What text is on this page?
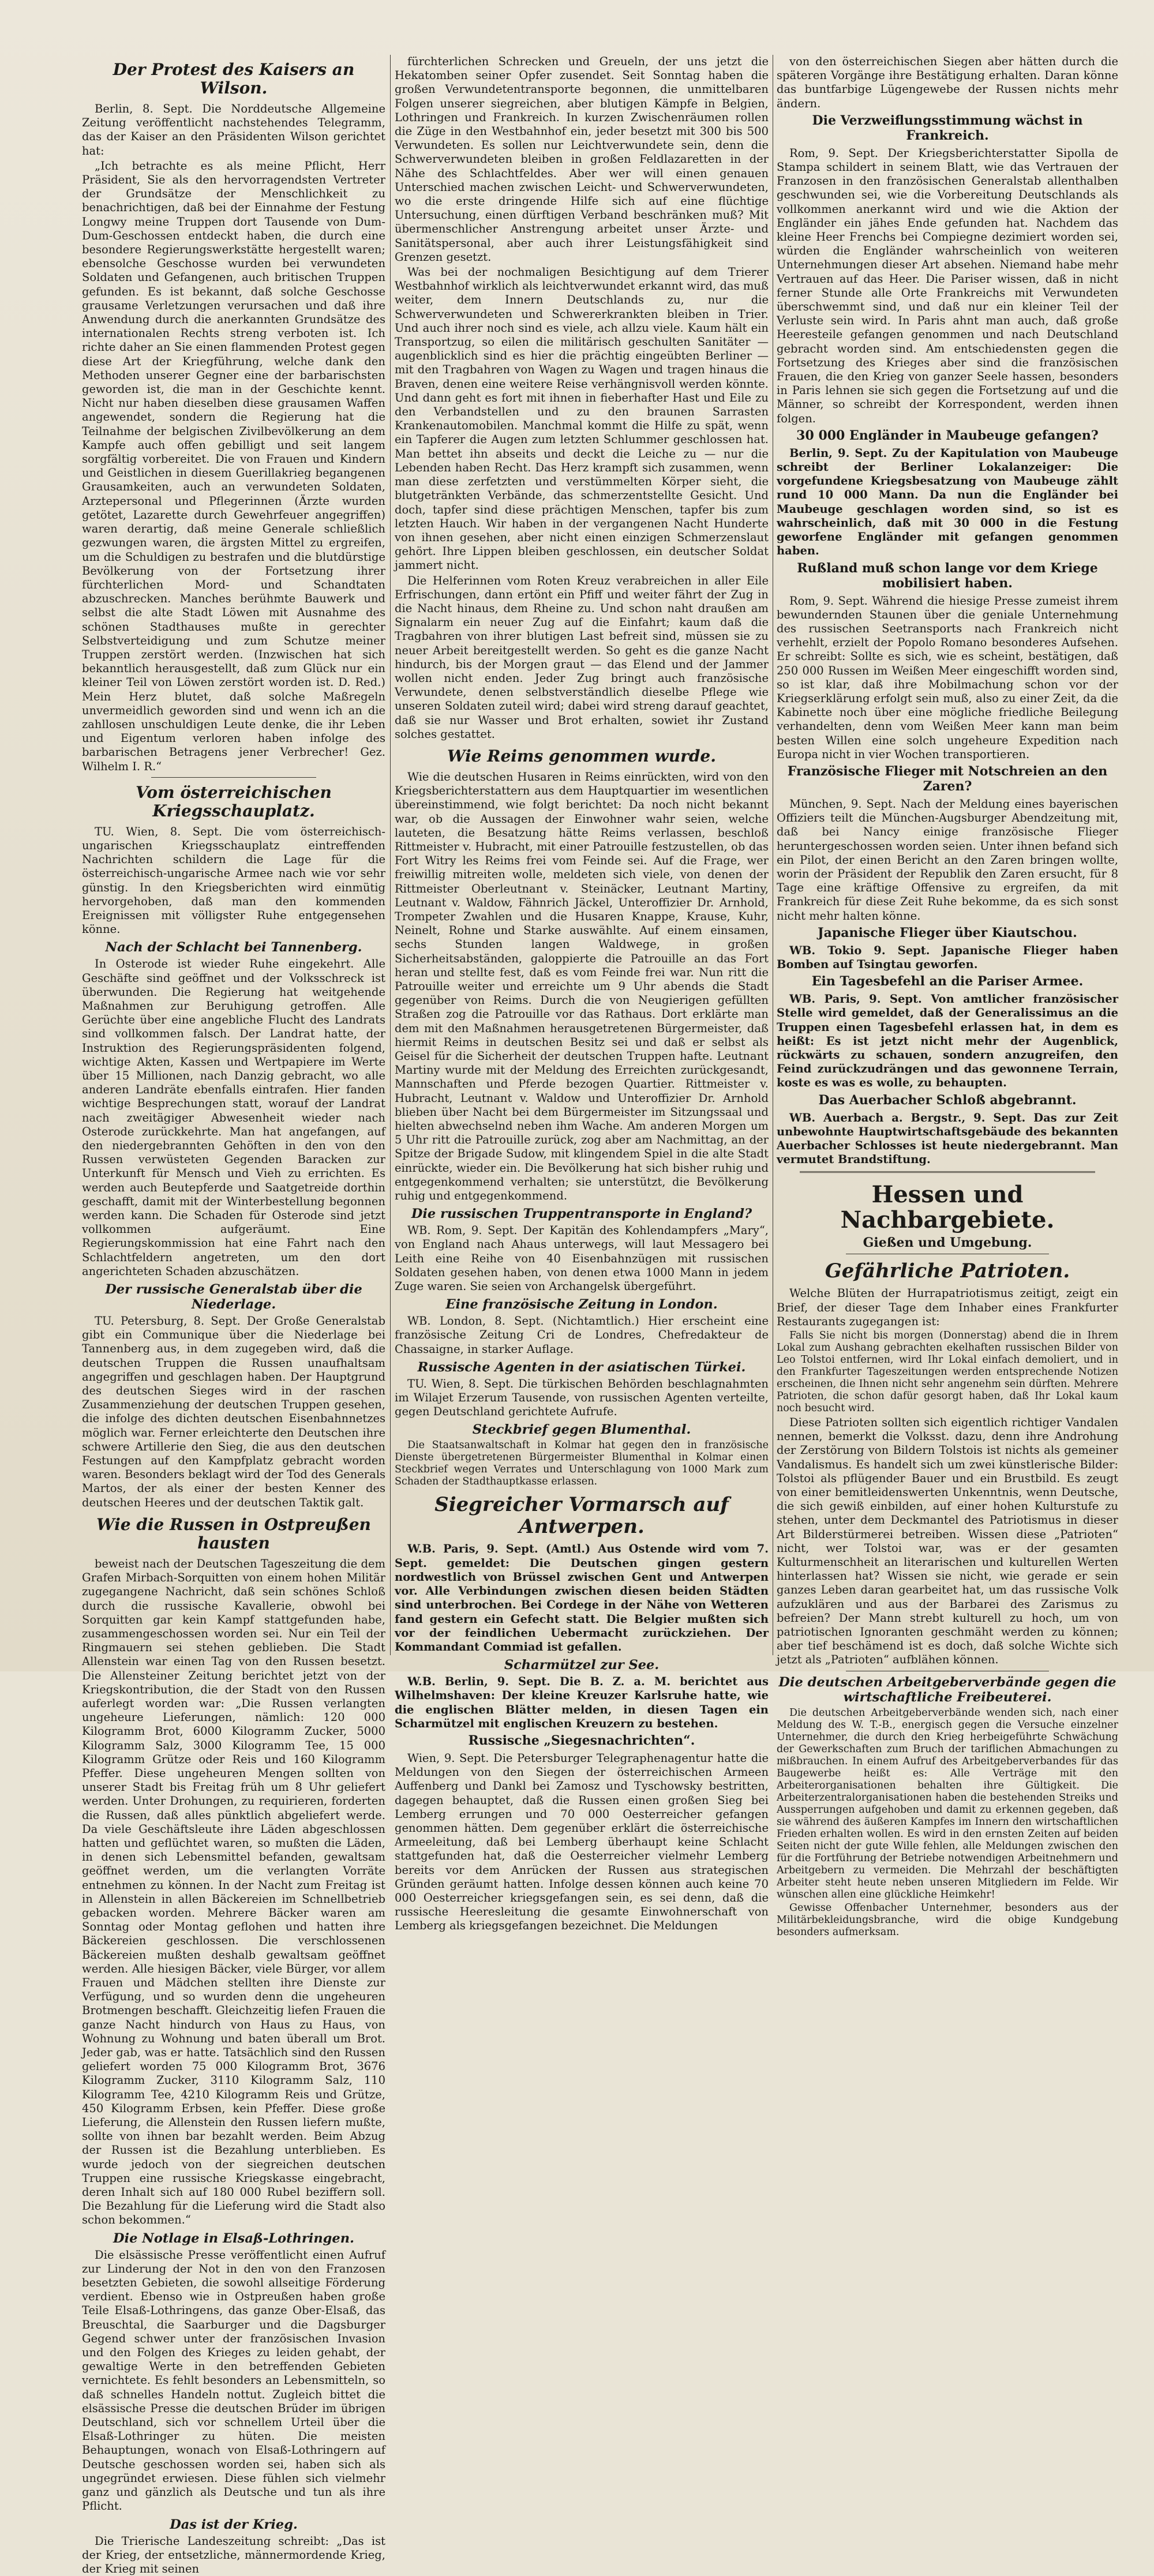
Der Protest des Kaisers an Wilson.

Berlin, 8. Sept. Die Norddeutsche Allgemeine Zeitung veröffentlicht nachstehendes Telegramm, das der Kaiser an den Präsidenten Wilson gerichtet hat:

„Ich betrachte es als meine Pflicht, Herr Präsident, Sie als den hervorragendsten Vertreter der Grundsätze der Menschlichkeit zu benachrichtigen, daß bei der Einnahme der Festung Longwy meine Truppen dort Tausende von Dum-Dum-Geschossen entdeckt haben, die durch eine besondere Regierungswerkstätte hergestellt waren; ebensolche Geschosse wurden bei verwundeten Soldaten und Gefangenen, auch britischen Truppen gefunden. Es ist bekannt, daß solche Geschosse grausame Verletzungen verursachen und daß ihre Anwendung durch die anerkannten Grundsätze des internationalen Rechts streng verboten ist. Ich richte daher an Sie einen flammenden Protest gegen diese Art der Kriegführung, welche dank den Methoden unserer Gegner eine der barbarischsten geworden ist, die man in der Geschichte kennt. Nicht nur haben dieselben diese grausamen Waffen angewendet, sondern die Regierung hat die Teilnahme der belgischen Zivilbevölkerung an dem Kampfe auch offen gebilligt und seit langem sorgfältig vorbereitet. Die von Frauen und Kindern und Geistlichen in diesem Guerillakrieg begangenen Grausamkeiten, auch an verwundeten Soldaten, Arztepersonal und Pflegerinnen (Ärzte wurden getötet, Lazarette durch Gewehrfeuer angegriffen) waren derartig, daß meine Generale schließlich gezwungen waren, die ärgsten Mittel zu ergreifen, um die Schuldigen zu bestrafen und die blutdürstige Bevölkerung von der Fortsetzung ihrer fürchterlichen Mord- und Schandtaten abzuschrecken. Manches berühmte Bauwerk und selbst die alte Stadt Löwen mit Ausnahme des schönen Stadthauses mußte in gerechter Selbstverteidigung und zum Schutze meiner Truppen zerstört werden. (Inzwischen hat sich bekanntlich herausgestellt, daß zum Glück nur ein kleiner Teil von Löwen zerstört worden ist. D. Red.) Mein Herz blutet, daß solche Maßregeln unvermeidlich geworden sind und wenn ich an die zahllosen unschuldigen Leute denke, die ihr Leben und Eigentum verloren haben infolge des barbarischen Betragens jener Verbrecher! Gez. Wilhelm I. R.“

Vom österreichischen Kriegsschauplatz.

TU. Wien, 8. Sept. Die vom österreichisch-ungarischen Kriegsschauplatz eintreffenden Nachrichten schildern die Lage für die österreichisch-ungarische Armee nach wie vor sehr günstig. In den Kriegsberichten wird einmütig hervorgehoben, daß man den kommenden Ereignissen mit völligster Ruhe entgegensehen könne.

Nach der Schlacht bei Tannenberg.

In Osterode ist wieder Ruhe eingekehrt. Alle Geschäfte sind geöffnet und der Volksschreck ist überwunden. Die Regierung hat weitgehende Maßnahmen zur Beruhigung getroffen. Alle Gerüchte über eine angebliche Flucht des Landrats sind vollkommen falsch. Der Landrat hatte, der Instruktion des Regierungspräsidenten folgend, wichtige Akten, Kassen und Wertpapiere im Werte über 15 Millionen, nach Danzig gebracht, wo alle anderen Landräte ebenfalls eintrafen. Hier fanden wichtige Besprechungen statt, worauf der Landrat nach zweitägiger Abwesenheit wieder nach Osterode zurückkehrte. Man hat angefangen, auf den niedergebrannten Gehöften in den von den Russen verwüsteten Gegenden Baracken zur Unterkunft für Mensch und Vieh zu errichten. Es werden auch Beutepferde und Saatgetreide dorthin geschafft, damit mit der Winterbestellung begonnen werden kann. Die Schaden für Osterode sind jetzt vollkommen aufgeräumt. Eine Regierungskommission hat eine Fahrt nach den Schlachtfeldern angetreten, um den dort angerichteten Schaden abzuschätzen.

Der russische Generalstab über die Niederlage.

TU. Petersburg, 8. Sept. Der Große Generalstab gibt ein Communique über die Niederlage bei Tannenberg aus, in dem zugegeben wird, daß die deutschen Truppen die Russen unaufhaltsam angegriffen und geschlagen haben. Der Hauptgrund des deutschen Sieges wird in der raschen Zusammenziehung der deutschen Truppen gesehen, die infolge des dichten deutschen Eisenbahnnetzes möglich war. Ferner erleichterte den Deutschen ihre schwere Artillerie den Sieg, die aus den deutschen Festungen auf den Kampfplatz gebracht worden waren. Besonders beklagt wird der Tod des Generals Martos, der als einer der besten Kenner des deutschen Heeres und der deutschen Taktik galt.

Wie die Russen in Ostpreußen hausten

beweist nach der Deutschen Tageszeitung die dem Grafen Mirbach-Sorquitten von einem hohen Militär zugegangene Nachricht, daß sein schönes Schloß durch die russische Kavallerie, obwohl bei Sorquitten gar kein Kampf stattgefunden habe, zusammengeschossen worden sei. Nur ein Teil der Ringmauern sei stehen geblieben. Die Stadt Allenstein war einen Tag von den Russen besetzt. Die Allensteiner Zeitung berichtet jetzt von der Kriegskontribution, die der Stadt von den Russen auferlegt worden war: „Die Russen verlangten ungeheure Lieferungen, nämlich: 120 000 Kilogramm Brot, 6000 Kilogramm Zucker, 5000 Kilogramm Salz, 3000 Kilogramm Tee, 15 000 Kilogramm Grütze oder Reis und 160 Kilogramm Pfeffer. Diese ungeheuren Mengen sollten von unserer Stadt bis Freitag früh um 8 Uhr geliefert werden. Unter Drohungen, zu requirieren, forderten die Russen, daß alles pünktlich abgeliefert werde. Da viele Geschäftsleute ihre Läden abgeschlossen hatten und geflüchtet waren, so mußten die Läden, in denen sich Lebensmittel befanden, gewaltsam geöffnet werden, um die verlangten Vorräte entnehmen zu können. In der Nacht zum Freitag ist in Allenstein in allen Bäckereien im Schnellbetrieb gebacken worden. Mehrere Bäcker waren am Sonntag oder Montag geflohen und hatten ihre Bäckereien geschlossen. Die verschlossenen Bäckereien mußten deshalb gewaltsam geöffnet werden. Alle hiesigen Bäcker, viele Bürger, vor allem Frauen und Mädchen stellten ihre Dienste zur Verfügung, und so wurden denn die ungeheuren Brotmengen beschafft. Gleichzeitig liefen Frauen die ganze Nacht hindurch von Haus zu Haus, von Wohnung zu Wohnung und baten überall um Brot. Jeder gab, was er hatte. Tatsächlich sind den Russen geliefert worden 75 000 Kilogramm Brot, 3676 Kilogramm Zucker, 3110 Kilogramm Salz, 110 Kilogramm Tee, 4210 Kilogramm Reis und Grütze, 450 Kilogramm Erbsen, kein Pfeffer. Diese große Lieferung, die Allenstein den Russen liefern mußte, sollte von ihnen bar bezahlt werden. Beim Abzug der Russen ist die Bezahlung unterblieben. Es wurde jedoch von der siegreichen deutschen Truppen eine russische Kriegskasse eingebracht, deren Inhalt sich auf 180 000 Rubel beziffern soll. Die Bezahlung für die Lieferung wird die Stadt also schon bekommen.“

Die Notlage in Elsaß-Lothringen.

Die elsässische Presse veröffentlicht einen Aufruf zur Linderung der Not in den von den Franzosen besetzten Gebieten, die sowohl allseitige Förderung verdient. Ebenso wie in Ostpreußen haben große Teile Elsaß-Lothringens, das ganze Ober-Elsaß, das Breuschtal, die Saarburger und die Dagsburger Gegend schwer unter der französischen Invasion und den Folgen des Krieges zu leiden gehabt, der gewaltige Werte in den betreffenden Gebieten vernichtete. Es fehlt besonders an Lebensmitteln, so daß schnelles Handeln nottut. Zugleich bittet die elsässische Presse die deutschen Brüder im übrigen Deutschland, sich vor schnellem Urteil über die Elsaß-Lothringer zu hüten. Die meisten Behauptungen, wonach von Elsaß-Lothringern auf Deutsche geschossen worden sei, haben sich als ungegründet erwiesen. Diese fühlen sich vielmehr ganz und gänzlich als Deutsche und tun als ihre Pflicht.

Das ist der Krieg.

Die Trierische Landeszeitung schreibt: „Das ist der Krieg, der entsetzliche, männermordende Krieg, der Krieg mit seinen

fürchterlichen Schrecken und Greueln, der uns jetzt die Hekatomben seiner Opfer zusendet. Seit Sonntag haben die großen Verwundetentransporte begonnen, die unmittelbaren Folgen unserer siegreichen, aber blutigen Kämpfe in Belgien, Lothringen und Frankreich. In kurzen Zwischenräumen rollen die Züge in den Westbahnhof ein, jeder besetzt mit 300 bis 500 Verwundeten. Es sollen nur Leichtverwundete sein, denn die Schwerverwundeten bleiben in großen Feldlazaretten in der Nähe des Schlachtfeldes. Aber wer will einen genauen Unterschied machen zwischen Leicht- und Schwerverwundeten, wo die erste dringende Hilfe sich auf eine flüchtige Untersuchung, einen dürftigen Verband beschränken muß? Mit übermenschlicher Anstrengung arbeitet unser Ärzte- und Sanitätspersonal, aber auch ihrer Leistungsfähigkeit sind Grenzen gesetzt.

Was bei der nochmaligen Besichtigung auf dem Trierer Westbahnhof wirklich als leichtverwundet erkannt wird, das muß weiter, dem Innern Deutschlands zu, nur die Schwerverwundeten und Schwererkrankten bleiben in Trier. Und auch ihrer noch sind es viele, ach allzu viele. Kaum hält ein Transportzug, so eilen die militärisch geschulten Sanitäter — augenblicklich sind es hier die prächtig eingeübten Berliner — mit den Tragbahren von Wagen zu Wagen und tragen hinaus die Braven, denen eine weitere Reise verhängnisvoll werden könnte. Und dann geht es fort mit ihnen in fieberhafter Hast und Eile zu den Verbandstellen und zu den braunen Sarrasten Krankenautomobilen. Manchmal kommt die Hilfe zu spät, wenn ein Tapferer die Augen zum letzten Schlummer geschlossen hat. Man bettet ihn abseits und deckt die Leiche zu — nur die Lebenden haben Recht. Das Herz krampft sich zusammen, wenn man diese zerfetzten und verstümmelten Körper sieht, die blutgetränkten Verbände, das schmerzentstellte Gesicht. Und doch, tapfer sind diese prächtigen Menschen, tapfer bis zum letzten Hauch. Wir haben in der vergangenen Nacht Hunderte von ihnen gesehen, aber nicht einen einzigen Schmerzenslaut gehört. Ihre Lippen bleiben geschlossen, ein deutscher Soldat jammert nicht.

Die Helferinnen vom Roten Kreuz verabreichen in aller Eile Erfrischungen, dann ertönt ein Pfiff und weiter fährt der Zug in die Nacht hinaus, dem Rheine zu. Und schon naht draußen am Signalarm ein neuer Zug auf die Einfahrt; kaum daß die Tragbahren von ihrer blutigen Last befreit sind, müssen sie zu neuer Arbeit bereitgestellt werden. So geht es die ganze Nacht hindurch, bis der Morgen graut — das Elend und der Jammer wollen nicht enden. Jeder Zug bringt auch französische Verwundete, denen selbstverständlich dieselbe Pflege wie unseren Soldaten zuteil wird; dabei wird streng darauf geachtet, daß sie nur Wasser und Brot erhalten, sowiet ihr Zustand solches gestattet.

Wie Reims genommen wurde.

Wie die deutschen Husaren in Reims einrückten, wird von den Kriegsberichterstattern aus dem Hauptquartier im wesentlichen übereinstimmend, wie folgt berichtet: Da noch nicht bekannt war, ob die Aussagen der Einwohner wahr seien, welche lauteten, die Besatzung hätte Reims verlassen, beschloß Rittmeister v. Hubracht, mit einer Patrouille festzustellen, ob das Fort Witry les Reims frei vom Feinde sei. Auf die Frage, wer freiwillig mitreiten wolle, meldeten sich viele, von denen der Rittmeister Oberleutnant v. Steinäcker, Leutnant Martiny, Leutnant v. Waldow, Fähnrich Jäckel, Unteroffizier Dr. Arnhold, Trompeter Zwahlen und die Husaren Knappe, Krause, Kuhr, Neinelt, Rohne und Starke auswählte. Auf einem einsamen, sechs Stunden langen Waldwege, in großen Sicherheitsabständen, galoppierte die Patrouille an das Fort heran und stellte fest, daß es vom Feinde frei war. Nun ritt die Patrouille weiter und erreichte um 9 Uhr abends die Stadt gegenüber von Reims. Durch die von Neugierigen gefüllten Straßen zog die Patrouille vor das Rathaus. Dort erklärte man dem mit den Maßnahmen herausgetretenen Bürgermeister, daß hiermit Reims in deutschen Besitz sei und daß er selbst als Geisel für die Sicherheit der deutschen Truppen hafte. Leutnant Martiny wurde mit der Meldung des Erreichten zurückgesandt, Mannschaften und Pferde bezogen Quartier. Rittmeister v. Hubracht, Leutnant v. Waldow und Unteroffizier Dr. Arnhold blieben über Nacht bei dem Bürgermeister im Sitzungssaal und hielten abwechselnd neben ihm Wache. Am anderen Morgen um 5 Uhr ritt die Patrouille zurück, zog aber am Nachmittag, an der Spitze der Brigade Sudow, mit klingendem Spiel in die alte Stadt einrückte, wieder ein. Die Bevölkerung hat sich bisher ruhig und entgegenkommend verhalten; sie unterstützt, die Bevölkerung ruhig und entgegenkommend.

Die russischen Truppentransporte in England?

WB. Rom, 9. Sept. Der Kapitän des Kohlendampfers „Mary“, von England nach Ahaus unterwegs, will laut Messagero bei Leith eine Reihe von 40 Eisenbahnzügen mit russischen Soldaten gesehen haben, von denen etwa 1000 Mann in jedem Zuge waren. Sie seien von Archangelsk übergeführt.

Eine französische Zeitung in London.

WB. London, 8. Sept. (Nichtamtlich.) Hier erscheint eine französische Zeitung Cri de Londres, Chefredakteur de Chassaigne, in starker Auflage.

Russische Agenten in der asiatischen Türkei.

TU. Wien, 8. Sept. Die türkischen Behörden beschlagnahmten im Wilajet Erzerum Tausende, von russischen Agenten verteilte, gegen Deutschland gerichtete Aufrufe.

Steckbrief gegen Blumenthal.

Die Staatsanwaltschaft in Kolmar hat gegen den in französische Dienste übergetretenen Bürgermeister Blumenthal in Kolmar einen Steckbrief wegen Verrates und Unterschlagung von 1000 Mark zum Schaden der Stadthauptkasse erlassen.

Siegreicher Vormarsch auf Antwerpen.

W.B. Paris, 9. Sept. (Amtl.) Aus Ostende wird vom 7. Sept. gemeldet: Die Deutschen gingen gestern nordwestlich von Brüssel zwischen Gent und Antwerpen vor. Alle Verbindungen zwischen diesen beiden Städten sind unterbrochen. Bei Cordege in der Nähe von Wetteren fand gestern ein Gefecht statt. Die Belgier mußten sich vor der feindlichen Uebermacht zurückziehen. Der Kommandant Commiad ist gefallen.

Scharmützel zur See.

W.B. Berlin, 9. Sept. Die B. Z. a. M. berichtet aus Wilhelmshaven: Der kleine Kreuzer Karlsruhe hatte, wie die englischen Blätter melden, in diesen Tagen ein Scharmützel mit englischen Kreuzern zu bestehen.

Russische „Siegesnachrichten“.

Wien, 9. Sept. Die Petersburger Telegraphenagentur hatte die Meldungen von den Siegen der österreichischen Armeen Auffenberg und Dankl bei Zamosz und Tyschowsky bestritten, dagegen behauptet, daß die Russen einen großen Sieg bei Lemberg errungen und 70 000 Oesterreicher gefangen genommen hätten. Dem gegenüber erklärt die österreichische Armeeleitung, daß bei Lemberg überhaupt keine Schlacht stattgefunden hat, daß die Oesterreicher vielmehr Lemberg bereits vor dem Anrücken der Russen aus strategischen Gründen geräumt hatten. Infolge dessen können auch keine 70 000 Oesterreicher kriegsgefangen sein, es sei denn, daß die russische Heeresleitung die gesamte Einwohnerschaft von Lemberg als kriegsgefangen bezeichnet. Die Meldungen

von den österreichischen Siegen aber hätten durch die späteren Vorgänge ihre Bestätigung erhalten. Daran könne das buntfarbige Lügengewebe der Russen nichts mehr ändern.

Die Verzweiflungsstimmung wächst in Frankreich.

Rom, 9. Sept. Der Kriegsberichterstatter Sipolla de Stampa schildert in seinem Blatt, wie das Vertrauen der Franzosen in den französischen Generalstab allenthalben geschwunden sei, wie die Vorbereitung Deutschlands als vollkommen anerkannt wird und wie die Aktion der Engländer ein jähes Ende gefunden hat. Nachdem das kleine Heer Frenchs bei Compiegne dezimiert worden sei, würden die Engländer wahrscheinlich von weiteren Unternehmungen dieser Art absehen. Niemand habe mehr Vertrauen auf das Heer. Die Pariser wissen, daß in nicht ferner Stunde alle Orte Frankreichs mit Verwundeten überschwemmt sind, und daß nur ein kleiner Teil der Verluste sein wird. In Paris ahnt man auch, daß große Heeresteile gefangen genommen und nach Deutschland gebracht worden sind. Am entschiedensten gegen die Fortsetzung des Krieges aber sind die französischen Frauen, die den Krieg von ganzer Seele hassen, besonders in Paris lehnen sie sich gegen die Fortsetzung auf und die Männer, so schreibt der Korrespondent, werden ihnen folgen.

30 000 Engländer in Maubeuge gefangen?

Berlin, 9. Sept. Zu der Kapitulation von Maubeuge schreibt der Berliner Lokalanzeiger: Die vorgefundene Kriegsbesatzung von Maubeuge zählt rund 10 000 Mann. Da nun die Engländer bei Maubeuge geschlagen worden sind, so ist es wahrscheinlich, daß mit 30 000 in die Festung geworfene Engländer mit gefangen genommen haben.

Rußland muß schon lange vor dem Kriege mobilisiert haben.

Rom, 9. Sept. Während die hiesige Presse zumeist ihrem bewundernden Staunen über die geniale Unternehmung des russischen Seetransports nach Frankreich nicht verhehlt, erzielt der Popolo Romano besonderes Aufsehen. Er schreibt: Sollte es sich, wie es scheint, bestätigen, daß 250 000 Russen im Weißen Meer eingeschifft worden sind, so ist klar, daß ihre Mobilmachung schon vor der Kriegserklärung erfolgt sein muß, also zu einer Zeit, da die Kabinette noch über eine mögliche friedliche Beilegung verhandelten, denn vom Weißen Meer kann man beim besten Willen eine solch ungeheure Expedition nach Europa nicht in vier Wochen transportieren.

Französische Flieger mit Notschreien an den Zaren?

München, 9. Sept. Nach der Meldung eines bayerischen Offiziers teilt die München-Augsburger Abendzeitung mit, daß bei Nancy einige französische Flieger heruntergeschossen worden seien. Unter ihnen befand sich ein Pilot, der einen Bericht an den Zaren bringen wollte, worin der Präsident der Republik den Zaren ersucht, für 8 Tage eine kräftige Offensive zu ergreifen, da mit Frankreich für diese Zeit Ruhe bekomme, da es sich sonst nicht mehr halten könne.

Japanische Flieger über Kiautschou.

WB. Tokio 9. Sept. Japanische Flieger haben Bomben auf Tsingtau geworfen.

Ein Tagesbefehl an die Pariser Armee.

WB. Paris, 9. Sept. Von amtlicher französischer Stelle wird gemeldet, daß der Generalissimus an die Truppen einen Tagesbefehl erlassen hat, in dem es heißt: Es ist jetzt nicht mehr der Augenblick, rückwärts zu schauen, sondern anzugreifen, den Feind zurückzudrängen und das gewonnene Terrain, koste es was es wolle, zu behaupten.

Das Auerbacher Schloß abgebrannt.

WB. Auerbach a. Bergstr., 9. Sept. Das zur Zeit unbewohnte Hauptwirtschaftsgebäude des bekannten Auerbacher Schlosses ist heute niedergebrannt. Man vermutet Brandstiftung.

Hessen und Nachbargebiete.
Gießen und Umgebung.
Gefährliche Patrioten.

Welche Blüten der Hurrapatriotismus zeitigt, zeigt ein Brief, der dieser Tage dem Inhaber eines Frankfurter Restaurants zugegangen ist:

Falls Sie nicht bis morgen (Donnerstag) abend die in Ihrem Lokal zum Aushang gebrachten ekelhaften russischen Bilder von Leo Tolstoi entfernen, wird Ihr Lokal einfach demoliert, und in den Frankfurter Tageszeitungen werden entsprechende Notizen erscheinen, die Ihnen nicht sehr angenehm sein dürften. Mehrere Patrioten, die schon dafür gesorgt haben, daß Ihr Lokal kaum noch besucht wird.

Diese Patrioten sollten sich eigentlich richtiger Vandalen nennen, bemerkt die Volksst. dazu, denn ihre Androhung der Zerstörung von Bildern Tolstois ist nichts als gemeiner Vandalismus. Es handelt sich um zwei künstlerische Bilder: Tolstoi als pflügender Bauer und ein Brustbild. Es zeugt von einer bemitleidenswerten Unkenntnis, wenn Deutsche, die sich gewiß einbilden, auf einer hohen Kulturstufe zu stehen, unter dem Deckmantel des Patriotismus in dieser Art Bilderstürmerei betreiben. Wissen diese „Patrioten“ nicht, wer Tolstoi war, was er der gesamten Kulturmenschheit an literarischen und kulturellen Werten hinterlassen hat? Wissen sie nicht, wie gerade er sein ganzes Leben daran gearbeitet hat, um das russische Volk aufzuklären und aus der Barbarei des Zarismus zu befreien? Der Mann strebt kulturell zu hoch, um von patriotischen Ignoranten geschmäht werden zu können; aber tief beschämend ist es doch, daß solche Wichte sich jetzt als „Patrioten“ aufblähen können.

Die deutschen Arbeitgeberverbände gegen die wirtschaftliche Freibeuterei.

Die deutschen Arbeitgeberverbände wenden sich, nach einer Meldung des W. T.-B., energisch gegen die Versuche einzelner Unternehmer, die durch den Krieg herbeigeführte Schwächung der Gewerkschaften zum Bruch der tariflichen Abmachungen zu mißbrauchen. In einem Aufruf des Arbeitgeberverbandes für das Baugewerbe heißt es: Alle Verträge mit den Arbeiterorganisationen behalten ihre Gültigkeit. Die Arbeiterzentralorganisationen haben die bestehenden Streiks und Aussperrungen aufgehoben und damit zu erkennen gegeben, daß sie während des äußeren Kampfes im Innern den wirtschaftlichen Frieden erhalten wollen. Es wird in den ernsten Zeiten auf beiden Seiten nicht der gute Wille fehlen, alle Meldungen zwischen den für die Fortführung der Betriebe notwendigen Arbeitnehmern und Arbeitgebern zu vermeiden. Die Mehrzahl der beschäftigten Arbeiter steht heute neben unseren Mitgliedern im Felde. Wir wünschen allen eine glückliche Heimkehr!

Gewisse Offenbacher Unternehmer, besonders aus der Militärbekleidungsbranche, wird die obige Kundgebung besonders aufmerksam.
